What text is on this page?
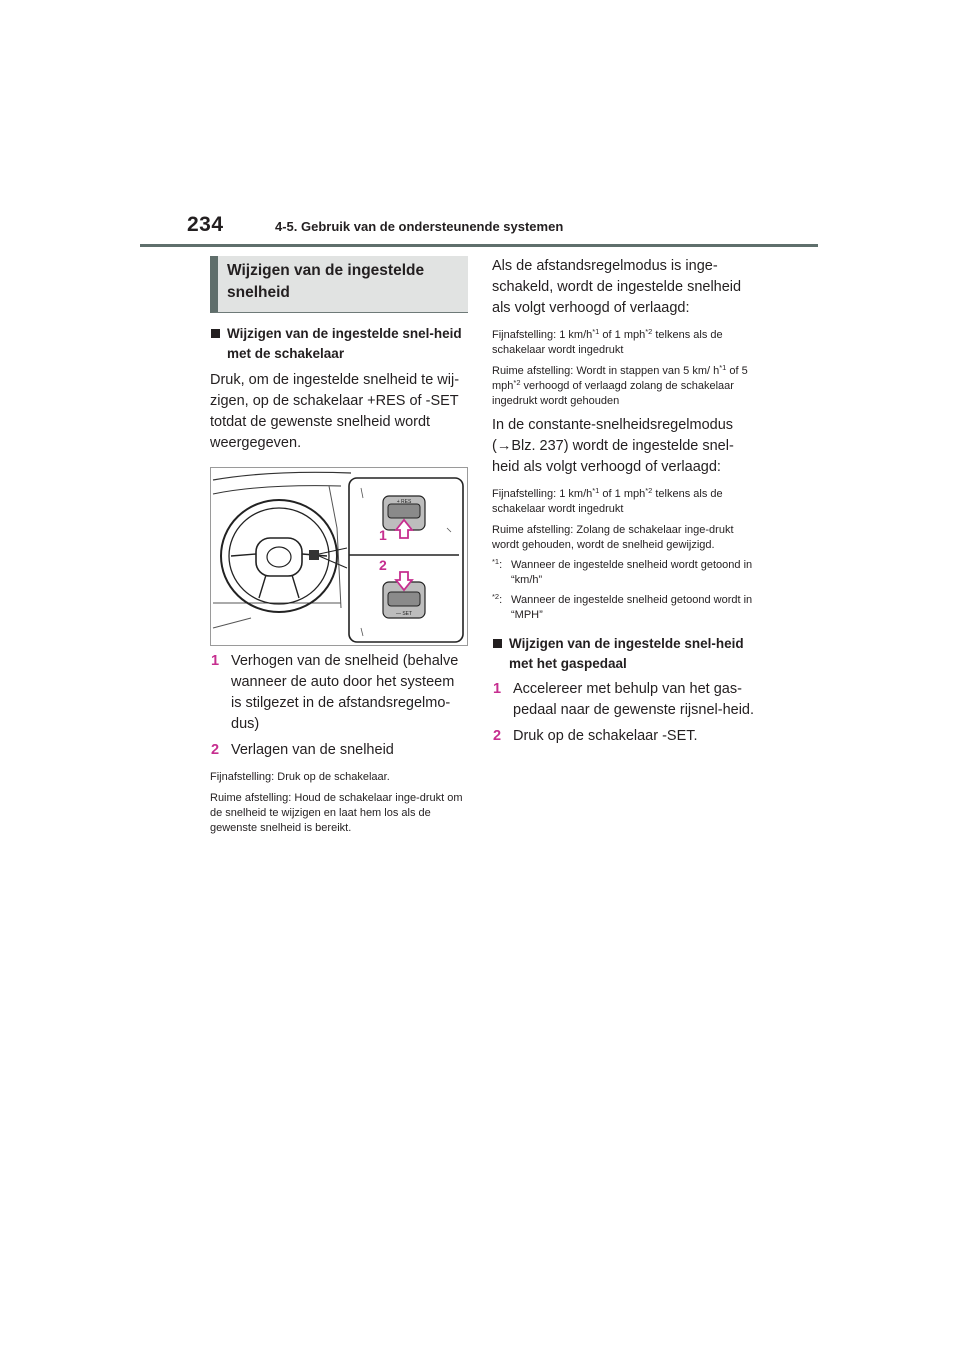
234	4-5. Gebruik van de ondersteunende systemen
Wijzigen van de ingestelde snelheid
Wijzigen van de ingestelde snel-heid met de schakelaar
Druk, om de ingestelde snelheid te wij-zigen, op de schakelaar +RES of -SET totdat de gewenste snelheid wordt weergegeven.
+ RES
1
2
— SET
1 Verhogen van de snelheid (behalve wanneer de auto door het systeem is stilgezet in de afstandsregelmo-dus)
2 Verlagen van de snelheid
Fijnafstelling: Druk op de schakelaar.
Ruime afstelling: Houd de schakelaar inge-drukt om de snelheid te wijzigen en laat hem los als de gewenste snelheid is bereikt.
Als de afstandsregelmodus is inge-schakeld, wordt de ingestelde snelheid als volgt verhoogd of verlaagd:
Fijnafstelling: 1 $km/h^{*1}$ of 1 mph$^{*2}$ telkens als de schakelaar wordt ingedrukt
Ruime afstelling: Wordt in stappen van 5 km/ $h^{*1}$ of 5 mph$^{*2}$ verhoogd of verlaagd zolang de schakelaar ingedrukt wordt gehouden
In de constante-snelheidsregelmodus (→Blz. 237) wordt de ingestelde snel-heid als volgt verhoogd of verlaagd:
Fijnafstelling: 1 $km/h^{*1}$ of 1 mph$^{*2}$ telkens als de schakelaar wordt ingedrukt
Ruime afstelling: Zolang de schakelaar inge-drukt wordt gehouden, wordt de snelheid gewijzigd.
$^{*1}$: Wanneer de ingestelde snelheid wordt getoond in “km/h”
$^{*2}$: Wanneer de ingestelde snelheid getoond wordt in “MPH”
Wijzigen van de ingestelde snel-heid met het gaspedaal
1 Accelereer met behulp van het gas-pedaal naar de gewenste rijsnel-heid.
2 Druk op de schakelaar -SET.
